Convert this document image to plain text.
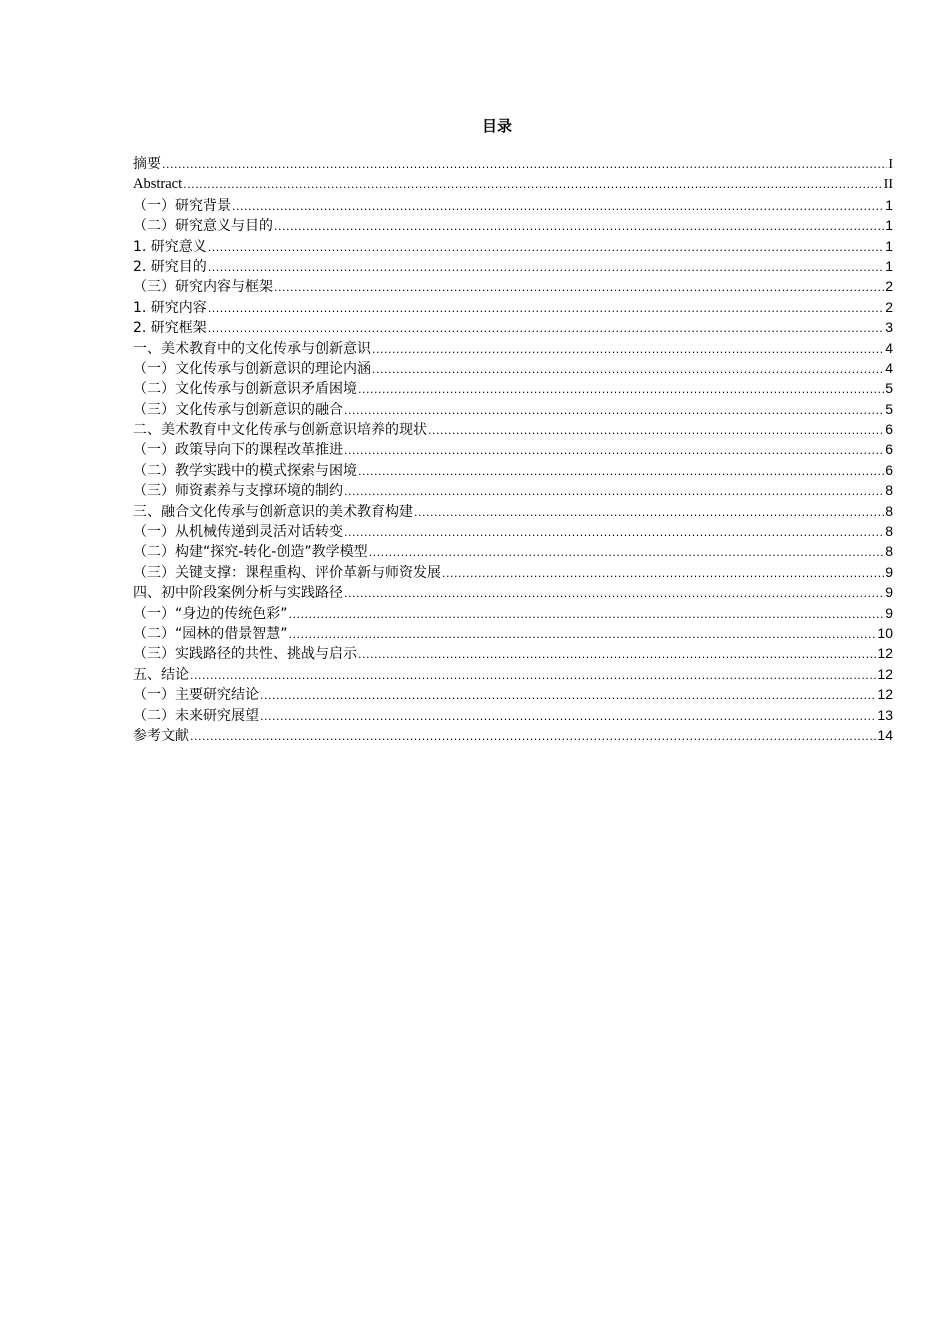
目录
摘要 .....	I
Abstract .....	II
（一）研究背景 .....	1
（二）研究意义与目的 .....	1
1. 研究意义 .....	1
2. 研究目的 .....	1
（三）研究内容与框架 .....	2
1. 研究内容 .....	2
2. 研究框架 .....	3
一、美术教育中的文化传承与创新意识 .....	4
（一）文化传承与创新意识的理论内涵 .....	4
（二）文化传承与创新意识矛盾困境 .....	5
（三）文化传承与创新意识的融合 .....	5
二、美术教育中文化传承与创新意识培养的现状 .....	6
（一）政策导向下的课程改革推进 .....	6
（二）教学实践中的模式探索与困境 .....	6
（三）师资素养与支撑环境的制约 .....	8
三、融合文化传承与创新意识的美术教育构建 .....	8
（一）从机械传递到灵活对话转变 .....	8
（二）构建“探究-转化-创造”教学模型 .....	8
（三）关键支撑：课程重构、评价革新与师资发展 .....	9
四、初中阶段案例分析与实践路径 .....	9
（一）“身边的传统色彩” .....	9
（二）“园林的借景智慧” .....	10
（三）实践路径的共性、挑战与启示 .....	12
五、结论 .....	12
（一）主要研究结论 .....	12
（二）未来研究展望 .....	13
参考文献 .....	14
